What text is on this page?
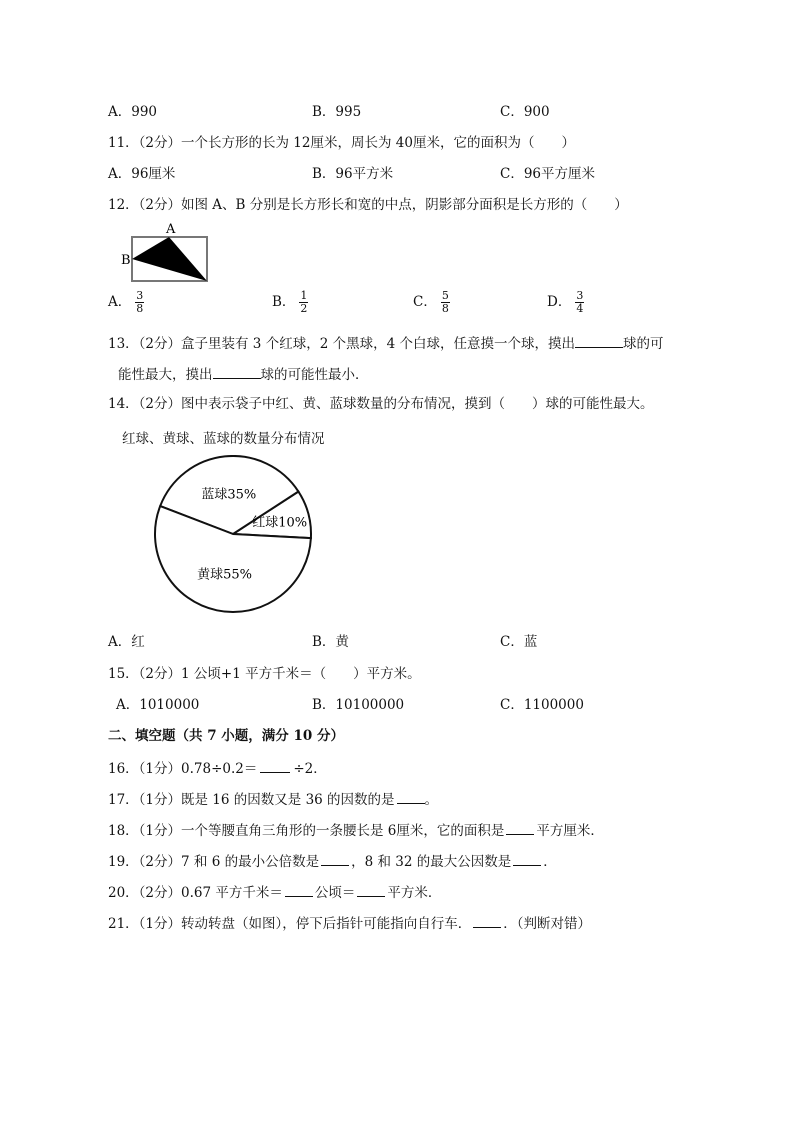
A．990	B．995	C．900
11．（2分）一个长方形的长为 12厘米，周长为 40厘米，它的面积为（　　）
A．96厘米	B．96平方米	C．96平方厘米
12．（2分）如图 A、B 分别是长方形长和宽的中点，阴影部分面积是长方形的（　　）
A
B
A． $\frac{3}{8}$	B． $\frac{1}{2}$	C． $\frac{5}{8}$	D． $\frac{3}{4}$
13．（2分）盒子里装有 3 个红球，2 个黑球，4 个白球，任意摸一个球，摸出	球的可
能性最大，摸出	球的可能性最小．
14．（2分）图中表示袋子中红、黄、蓝球数量的分布情况，摸到（　　）球的可能性最大。
红球、黄球、蓝球的数量分布情况
红球10%
蓝球35%
黄球55%
A．红	B．黄	C．蓝
15．（2分）1 公顷+1 平方千米＝（　　）平方米。
A．1010000	B．10100000	C．1100000
二、填空题（共 7 小题，满分 10 分）
16．（1分）0.78÷0.2＝	÷2．
17．（1分）既是 16 的因数又是 36 的因数的是 。
18．（1分）一个等腰直角三角形的一条腰长是 6厘米，它的面积是 平方厘米．
19．（2分）7 和 6 的最小公倍数是 ，8 和 32 的最大公因数是 ．
20．（2分）0.67 平方千米＝ 公顷＝ 平方米．
21．（1分）转动转盘（如图），停下后指针可能指向自行车． ．（判断对错）
